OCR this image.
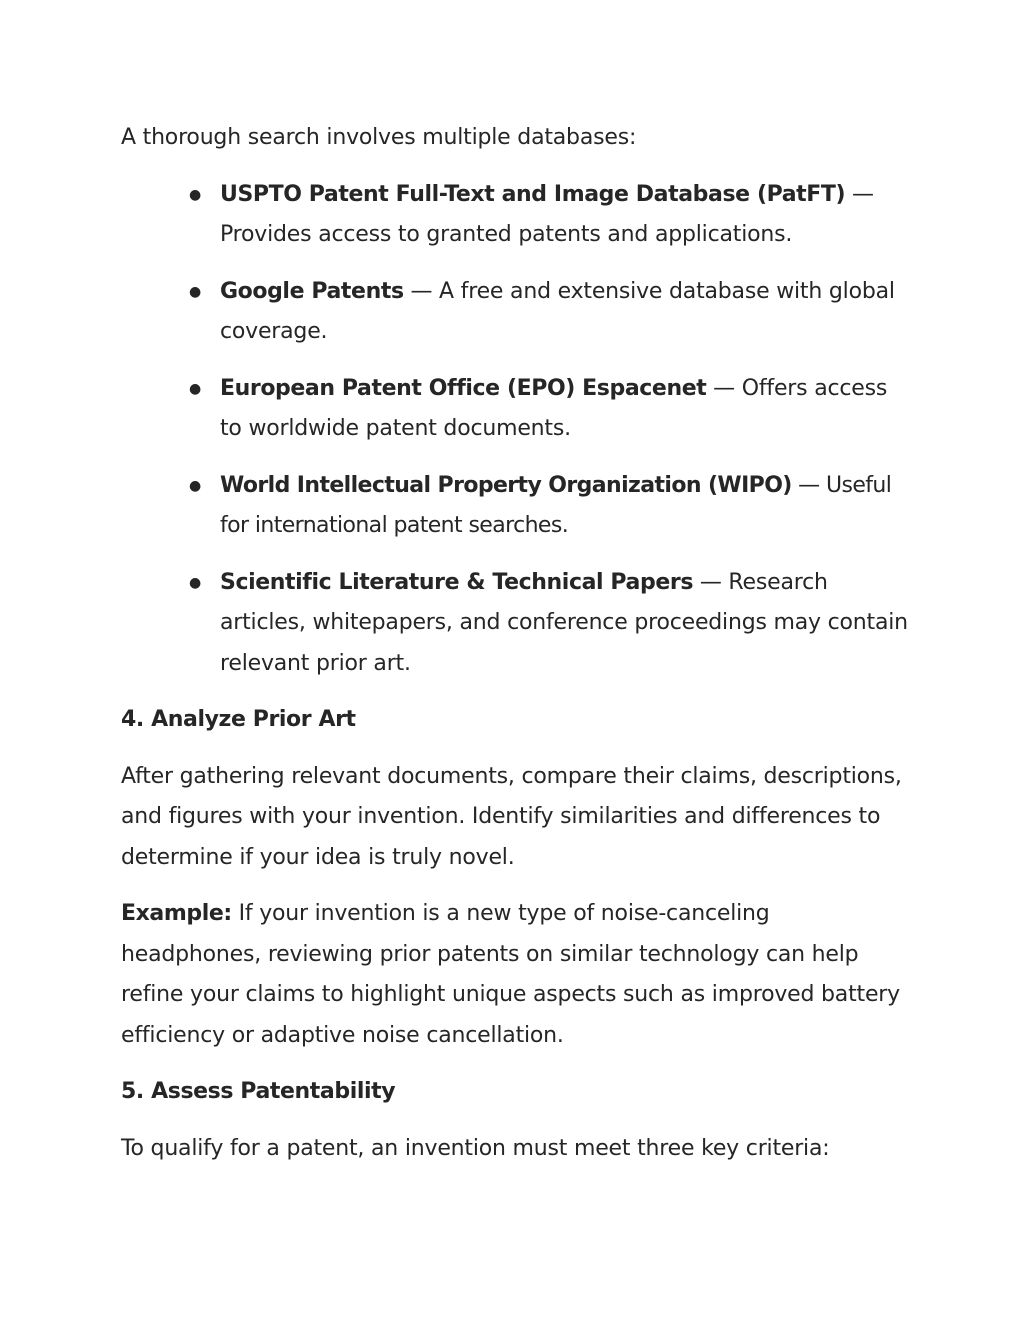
A thorough search involves multiple databases:

● USPTO Patent Full-Text and Image Database (PatFT) — Provides access to granted patents and applications.
● Google Patents — A free and extensive database with global coverage.
● European Patent Office (EPO) Espacenet — Offers access to worldwide patent documents.
● World Intellectual Property Organization (WIPO) — Useful for international patent searches.
● Scientific Literature & Technical Papers — Research articles, whitepapers, and conference proceedings may contain relevant prior art.
4. Analyze Prior Art

After gathering relevant documents, compare their claims, descriptions, and figures with your invention. Identify similarities and differences to determine if your idea is truly novel.

Example: If your invention is a new type of noise-canceling headphones, reviewing prior patents on similar technology can help refine your claims to highlight unique aspects such as improved battery efficiency or adaptive noise cancellation.

5. Assess Patentability

To qualify for a patent, an invention must meet three key criteria:
